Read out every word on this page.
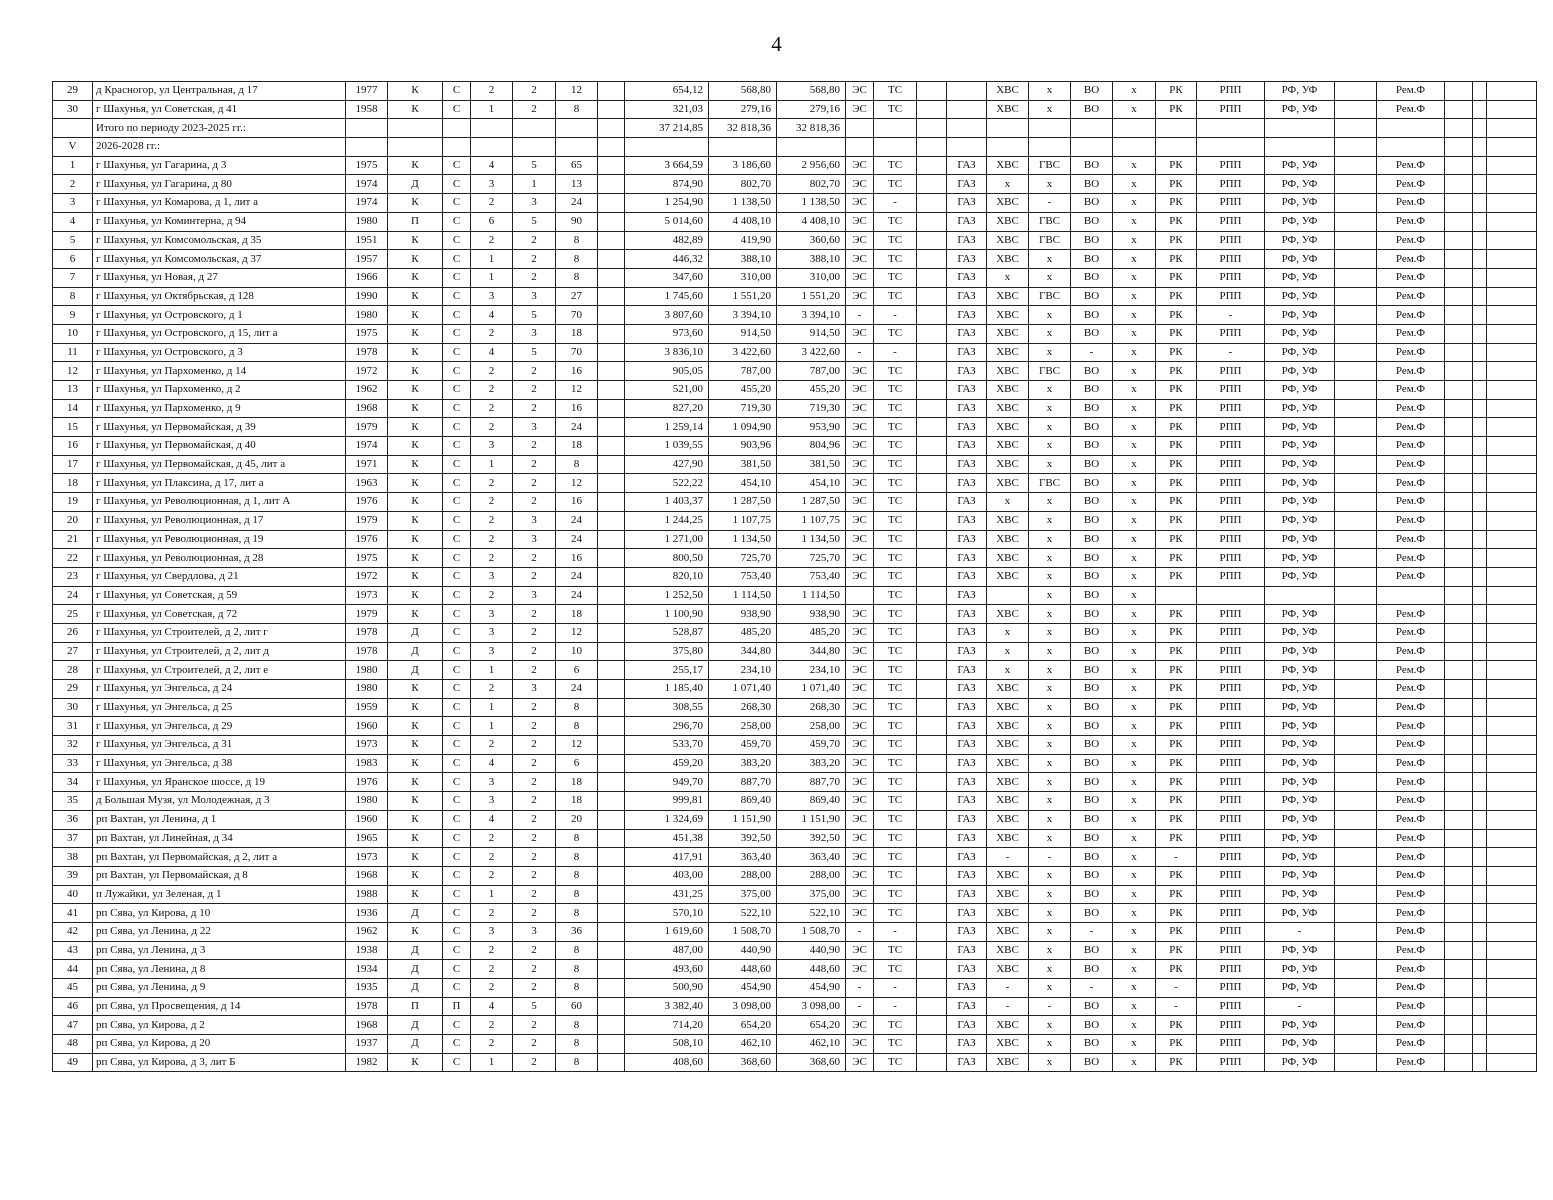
4
29	д Красногор, ул Центральная, д 17	1977	К	С	2	2	12		654,12	568,80	568,80	ЭС	ТС			ХВС	х	ВО	х	РК	РПП	РФ, УФ		Рем.Ф			
30	г Шахунья, ул Советская, д 41	1958	К	С	1	2	8		321,03	279,16	279,16	ЭС	ТС			ХВС	х	ВО	х	РК	РПП	РФ, УФ		Рем.Ф			
	Итого по периоду 2023-2025 гг.:								37 214,85	32 818,36	32 818,36																
V	2026-2028 гг.:																										
1	г Шахунья, ул Гагарина, д 3	1975	К	С	4	5	65		3 664,59	3 186,60	2 956,60	ЭС	ТС		ГАЗ	ХВС	ГВС	ВО	х	РК	РПП	РФ, УФ		Рем.Ф			
2	г Шахунья, ул Гагарина, д 80	1974	Д	С	3	1	13		874,90	802,70	802,70	ЭС	ТС		ГАЗ	х	х	ВО	х	РК	РПП	РФ, УФ		Рем.Ф			
3	г Шахунья, ул Комарова, д 1, лит а	1974	К	С	2	3	24		1 254,90	1 138,50	1 138,50	ЭС	-		ГАЗ	ХВС	-	ВО	х	РК	РПП	РФ, УФ		Рем.Ф			
4	г Шахунья, ул Коминтерна, д 94	1980	П	С	6	5	90		5 014,60	4 408,10	4 408,10	ЭС	ТС		ГАЗ	ХВС	ГВС	ВО	х	РК	РПП	РФ, УФ		Рем.Ф			
5	г Шахунья, ул Комсомольская, д 35	1951	К	С	2	2	8		482,89	419,90	360,60	ЭС	ТС		ГАЗ	ХВС	ГВС	ВО	х	РК	РПП	РФ, УФ		Рем.Ф			
6	г Шахунья, ул Комсомольская, д 37	1957	К	С	1	2	8		446,32	388,10	388,10	ЭС	ТС		ГАЗ	ХВС	х	ВО	х	РК	РПП	РФ, УФ		Рем.Ф			
7	г Шахунья, ул Новая, д 27	1966	К	С	1	2	8		347,60	310,00	310,00	ЭС	ТС		ГАЗ	х	х	ВО	х	РК	РПП	РФ, УФ		Рем.Ф			
8	г Шахунья, ул Октябрьская, д 128	1990	К	С	3	3	27		1 745,60	1 551,20	1 551,20	ЭС	ТС		ГАЗ	ХВС	ГВС	ВО	х	РК	РПП	РФ, УФ		Рем.Ф			
9	г Шахунья, ул Островского, д 1	1980	К	С	4	5	70		3 807,60	3 394,10	3 394,10	-	-		ГАЗ	ХВС	х	ВО	х	РК	-	РФ, УФ		Рем.Ф			
10	г Шахунья, ул Островского, д 15, лит а	1975	К	С	2	3	18		973,60	914,50	914,50	ЭС	ТС		ГАЗ	ХВС	х	ВО	х	РК	РПП	РФ, УФ		Рем.Ф			
11	г Шахунья, ул Островского, д 3	1978	К	С	4	5	70		3 836,10	3 422,60	3 422,60	-	-		ГАЗ	ХВС	х	-	х	РК	-	РФ, УФ		Рем.Ф			
12	г Шахунья, ул Пархоменко, д 14	1972	К	С	2	2	16		905,05	787,00	787,00	ЭС	ТС		ГАЗ	ХВС	ГВС	ВО	х	РК	РПП	РФ, УФ		Рем.Ф			
13	г Шахунья, ул Пархоменко, д 2	1962	К	С	2	2	12		521,00	455,20	455,20	ЭС	ТС		ГАЗ	ХВС	х	ВО	х	РК	РПП	РФ, УФ		Рем.Ф			
14	г Шахунья, ул Пархоменко, д 9	1968	К	С	2	2	16		827,20	719,30	719,30	ЭС	ТС		ГАЗ	ХВС	х	ВО	х	РК	РПП	РФ, УФ		Рем.Ф			
15	г Шахунья, ул Первомайская, д 39	1979	К	С	2	3	24		1 259,14	1 094,90	953,90	ЭС	ТС		ГАЗ	ХВС	х	ВО	х	РК	РПП	РФ, УФ		Рем.Ф			
16	г Шахунья, ул Первомайская, д 40	1974	К	С	3	2	18		1 039,55	903,96	804,96	ЭС	ТС		ГАЗ	ХВС	х	ВО	х	РК	РПП	РФ, УФ		Рем.Ф			
17	г Шахунья, ул Первомайская, д 45, лит а	1971	К	С	1	2	8		427,90	381,50	381,50	ЭС	ТС		ГАЗ	ХВС	х	ВО	х	РК	РПП	РФ, УФ		Рем.Ф			
18	г Шахунья, ул Плаксина, д 17, лит а	1963	К	С	2	2	12		522,22	454,10	454,10	ЭС	ТС		ГАЗ	ХВС	ГВС	ВО	х	РК	РПП	РФ, УФ		Рем.Ф			
19	г Шахунья, ул Революционная, д 1, лит А	1976	К	С	2	2	16		1 403,37	1 287,50	1 287,50	ЭС	ТС		ГАЗ	х	х	ВО	х	РК	РПП	РФ, УФ		Рем.Ф			
20	г Шахунья, ул Революционная, д 17	1979	К	С	2	3	24		1 244,25	1 107,75	1 107,75	ЭС	ТС		ГАЗ	ХВС	х	ВО	х	РК	РПП	РФ, УФ		Рем.Ф			
21	г Шахунья, ул Революционная, д 19	1976	К	С	2	3	24		1 271,00	1 134,50	1 134,50	ЭС	ТС		ГАЗ	ХВС	х	ВО	х	РК	РПП	РФ, УФ		Рем.Ф			
22	г Шахунья, ул Революционная, д 28	1975	К	С	2	2	16		800,50	725,70	725,70	ЭС	ТС		ГАЗ	ХВС	х	ВО	х	РК	РПП	РФ, УФ		Рем.Ф			
23	г Шахунья, ул Свердлова, д 21	1972	К	С	3	2	24		820,10	753,40	753,40	ЭС	ТС		ГАЗ	ХВС	х	ВО	х	РК	РПП	РФ, УФ		Рем.Ф			
24	г Шахунья, ул Советская, д 59	1973	К	С	2	3	24		1 252,50	1 114,50	1 114,50		ТС		ГАЗ		х	ВО	х								
25	г Шахунья, ул Советская, д 72	1979	К	С	3	2	18		1 100,90	938,90	938,90	ЭС	ТС		ГАЗ	ХВС	х	ВО	х	РК	РПП	РФ, УФ		Рем.Ф			
26	г Шахунья, ул Строителей, д 2, лит г	1978	Д	С	3	2	12		528,87	485,20	485,20	ЭС	ТС		ГАЗ	х	х	ВО	х	РК	РПП	РФ, УФ		Рем.Ф			
27	г Шахунья, ул Строителей, д 2, лит д	1978	Д	С	3	2	10		375,80	344,80	344,80	ЭС	ТС		ГАЗ	х	х	ВО	х	РК	РПП	РФ, УФ		Рем.Ф			
28	г Шахунья, ул Строителей, д 2, лит е	1980	Д	С	1	2	6		255,17	234,10	234,10	ЭС	ТС		ГАЗ	х	х	ВО	х	РК	РПП	РФ, УФ		Рем.Ф			
29	г Шахунья, ул Энгельса, д 24	1980	К	С	2	3	24		1 185,40	1 071,40	1 071,40	ЭС	ТС		ГАЗ	ХВС	х	ВО	х	РК	РПП	РФ, УФ		Рем.Ф			
30	г Шахунья, ул Энгельса, д 25	1959	К	С	1	2	8		308,55	268,30	268,30	ЭС	ТС		ГАЗ	ХВС	х	ВО	х	РК	РПП	РФ, УФ		Рем.Ф			
31	г Шахунья, ул Энгельса, д 29	1960	К	С	1	2	8		296,70	258,00	258,00	ЭС	ТС		ГАЗ	ХВС	х	ВО	х	РК	РПП	РФ, УФ		Рем.Ф			
32	г Шахунья, ул Энгельса, д 31	1973	К	С	2	2	12		533,70	459,70	459,70	ЭС	ТС		ГАЗ	ХВС	х	ВО	х	РК	РПП	РФ, УФ		Рем.Ф			
33	г Шахунья, ул Энгельса, д 38	1983	К	С	4	2	6		459,20	383,20	383,20	ЭС	ТС		ГАЗ	ХВС	х	ВО	х	РК	РПП	РФ, УФ		Рем.Ф			
34	г Шахунья, ул Яранское шоссе, д 19	1976	К	С	3	2	18		949,70	887,70	887,70	ЭС	ТС		ГАЗ	ХВС	х	ВО	х	РК	РПП	РФ, УФ		Рем.Ф			
35	д Большая Музя, ул Молодежная, д 3	1980	К	С	3	2	18		999,81	869,40	869,40	ЭС	ТС		ГАЗ	ХВС	х	ВО	х	РК	РПП	РФ, УФ		Рем.Ф			
36	рп Вахтан, ул Ленина, д 1	1960	К	С	4	2	20		1 324,69	1 151,90	1 151,90	ЭС	ТС		ГАЗ	ХВС	х	ВО	х	РК	РПП	РФ, УФ		Рем.Ф			
37	рп Вахтан, ул Линейная, д 34	1965	К	С	2	2	8		451,38	392,50	392,50	ЭС	ТС		ГАЗ	ХВС	х	ВО	х	РК	РПП	РФ, УФ		Рем.Ф			
38	рп Вахтан, ул Первомайская, д 2, лит а	1973	К	С	2	2	8		417,91	363,40	363,40	ЭС	ТС		ГАЗ	-	-	ВО	х	-	РПП	РФ, УФ		Рем.Ф			
39	рп Вахтан, ул Первомайская, д 8	1968	К	С	2	2	8		403,00	288,00	288,00	ЭС	ТС		ГАЗ	ХВС	х	ВО	х	РК	РПП	РФ, УФ		Рем.Ф			
40	п Лужайки, ул Зеленая, д 1	1988	К	С	1	2	8		431,25	375,00	375,00	ЭС	ТС		ГАЗ	ХВС	х	ВО	х	РК	РПП	РФ, УФ		Рем.Ф			
41	рп Сява, ул Кирова, д 10	1936	Д	С	2	2	8		570,10	522,10	522,10	ЭС	ТС		ГАЗ	ХВС	х	ВО	х	РК	РПП	РФ, УФ		Рем.Ф			
42	рп Сява, ул Ленина, д 22	1962	К	С	3	3	36		1 619,60	1 508,70	1 508,70	-	-		ГАЗ	ХВС	х	-	х	РК	РПП	-		Рем.Ф			
43	рп Сява, ул Ленина, д 3	1938	Д	С	2	2	8		487,00	440,90	440,90	ЭС	ТС		ГАЗ	ХВС	х	ВО	х	РК	РПП	РФ, УФ		Рем.Ф			
44	рп Сява, ул Ленина, д 8	1934	Д	С	2	2	8		493,60	448,60	448,60	ЭС	ТС		ГАЗ	ХВС	х	ВО	х	РК	РПП	РФ, УФ		Рем.Ф			
45	рп Сява, ул Ленина, д 9	1935	Д	С	2	2	8		500,90	454,90	454,90	-	-		ГАЗ	-	х	-	х	-	РПП	РФ, УФ		Рем.Ф			
46	рп Сява, ул Просвещения, д 14	1978	П	П	4	5	60		3 382,40	3 098,00	3 098,00	-	-		ГАЗ	-	-	ВО	х	-	РПП	-		Рем.Ф			
47	рп Сява, ул Кирова, д 2	1968	Д	С	2	2	8		714,20	654,20	654,20	ЭС	ТС		ГАЗ	ХВС	х	ВО	х	РК	РПП	РФ, УФ		Рем.Ф			
48	рп Сява, ул Кирова, д 20	1937	Д	С	2	2	8		508,10	462,10	462,10	ЭС	ТС		ГАЗ	ХВС	х	ВО	х	РК	РПП	РФ, УФ		Рем.Ф			
49	рп Сява, ул Кирова, д 3, лит Б	1982	К	С	1	2	8		408,60	368,60	368,60	ЭС	ТС		ГАЗ	ХВС	х	ВО	х	РК	РПП	РФ, УФ		Рем.Ф			
